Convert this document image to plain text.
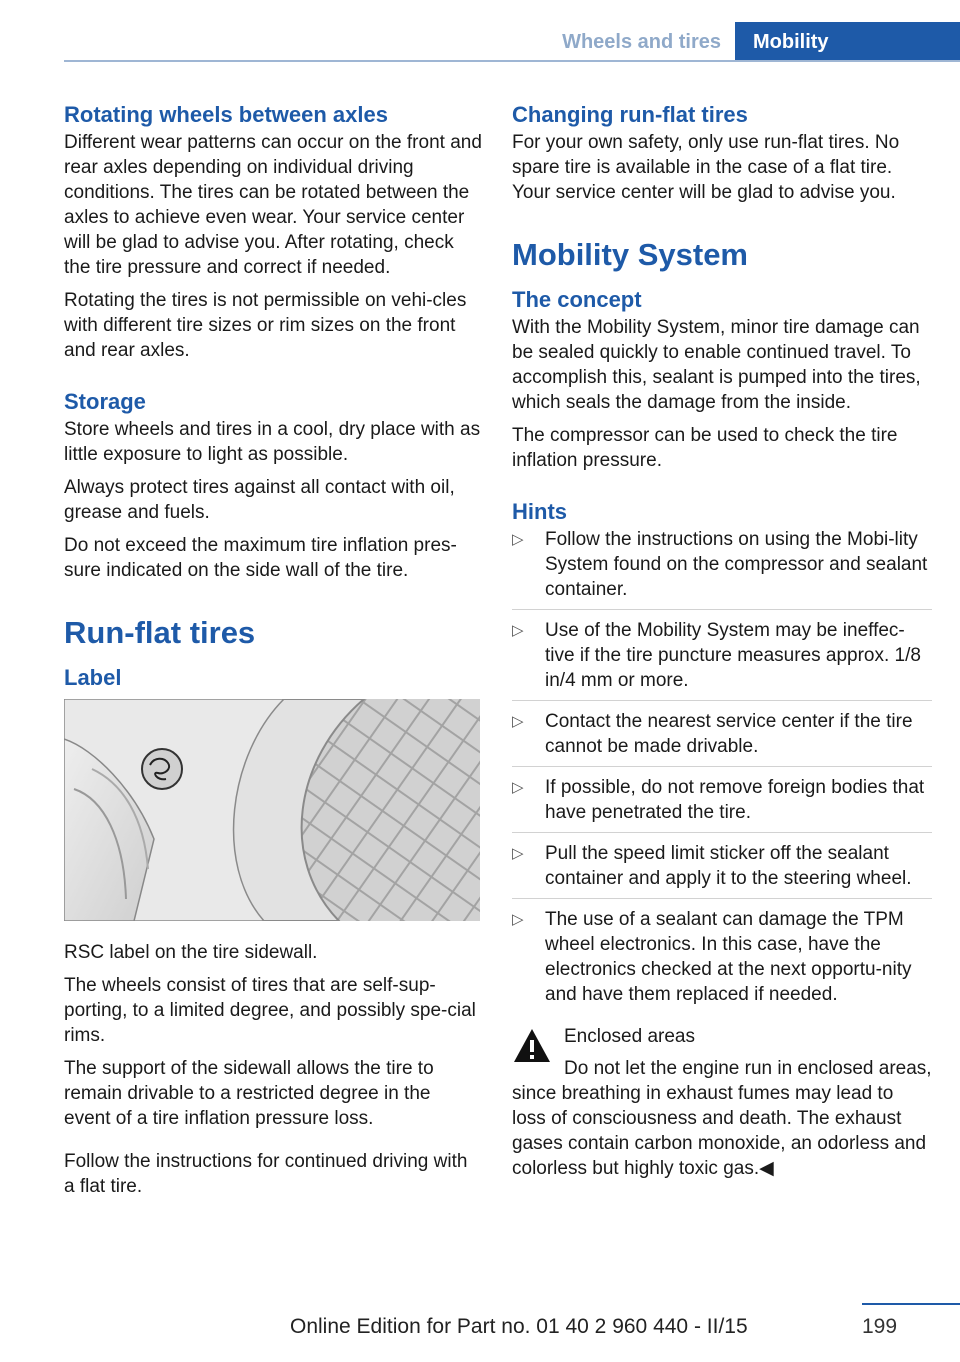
Wheels and tires	Mobility
Rotating wheels between axles

Different wear patterns can occur on the front and rear axles depending on individual driving conditions. The tires can be rotated between the axles to achieve even wear. Your service center will be glad to advise you. After rotating, check the tire pressure and correct if needed.

Rotating the tires is not permissible on vehi‐cles with different tire sizes or rim sizes on the front and rear axles.

Storage

Store wheels and tires in a cool, dry place with as little exposure to light as possible.

Always protect tires against all contact with oil, grease and fuels.

Do not exceed the maximum tire inflation pres‐sure indicated on the side wall of the tire.

Run-flat tires
Label

RSC label on the tire sidewall.

The wheels consist of tires that are self-sup‐porting, to a limited degree, and possibly spe‐cial rims.

The support of the sidewall allows the tire to remain drivable to a restricted degree in the event of a tire inflation pressure loss.

Follow the instructions for continued driving with a flat tire.

Changing run-flat tires

For your own safety, only use run-flat tires. No spare tire is available in the case of a flat tire. Your service center will be glad to advise you.

Mobility System
The concept

With the Mobility System, minor tire damage can be sealed quickly to enable continued travel. To accomplish this, sealant is pumped into the tires, which seals the damage from the inside.

The compressor can be used to check the tire inflation pressure.

Hints
▷ Follow the instructions on using the Mobi‐lity System found on the compressor and sealant container.
▷ Use of the Mobility System may be ineffec‐tive if the tire puncture measures approx. 1/8 in/4 mm or more.
▷ Contact the nearest service center if the tire cannot be made drivable.
▷ If possible, do not remove foreign bodies that have penetrated the tire.
▷ Pull the speed limit sticker off the sealant container and apply it to the steering wheel.
▷ The use of a sealant can damage the TPM wheel electronics. In this case, have the electronics checked at the next opportu‐nity and have them replaced if needed.
Enclosed areas

Do not let the engine run in enclosed areas, since breathing in exhaust fumes may lead to loss of consciousness and death. The exhaust gases contain carbon monoxide, an odorless and colorless but highly toxic gas.◀

Online Edition for Part no. 01 40 2 960 440 - II/15	199
